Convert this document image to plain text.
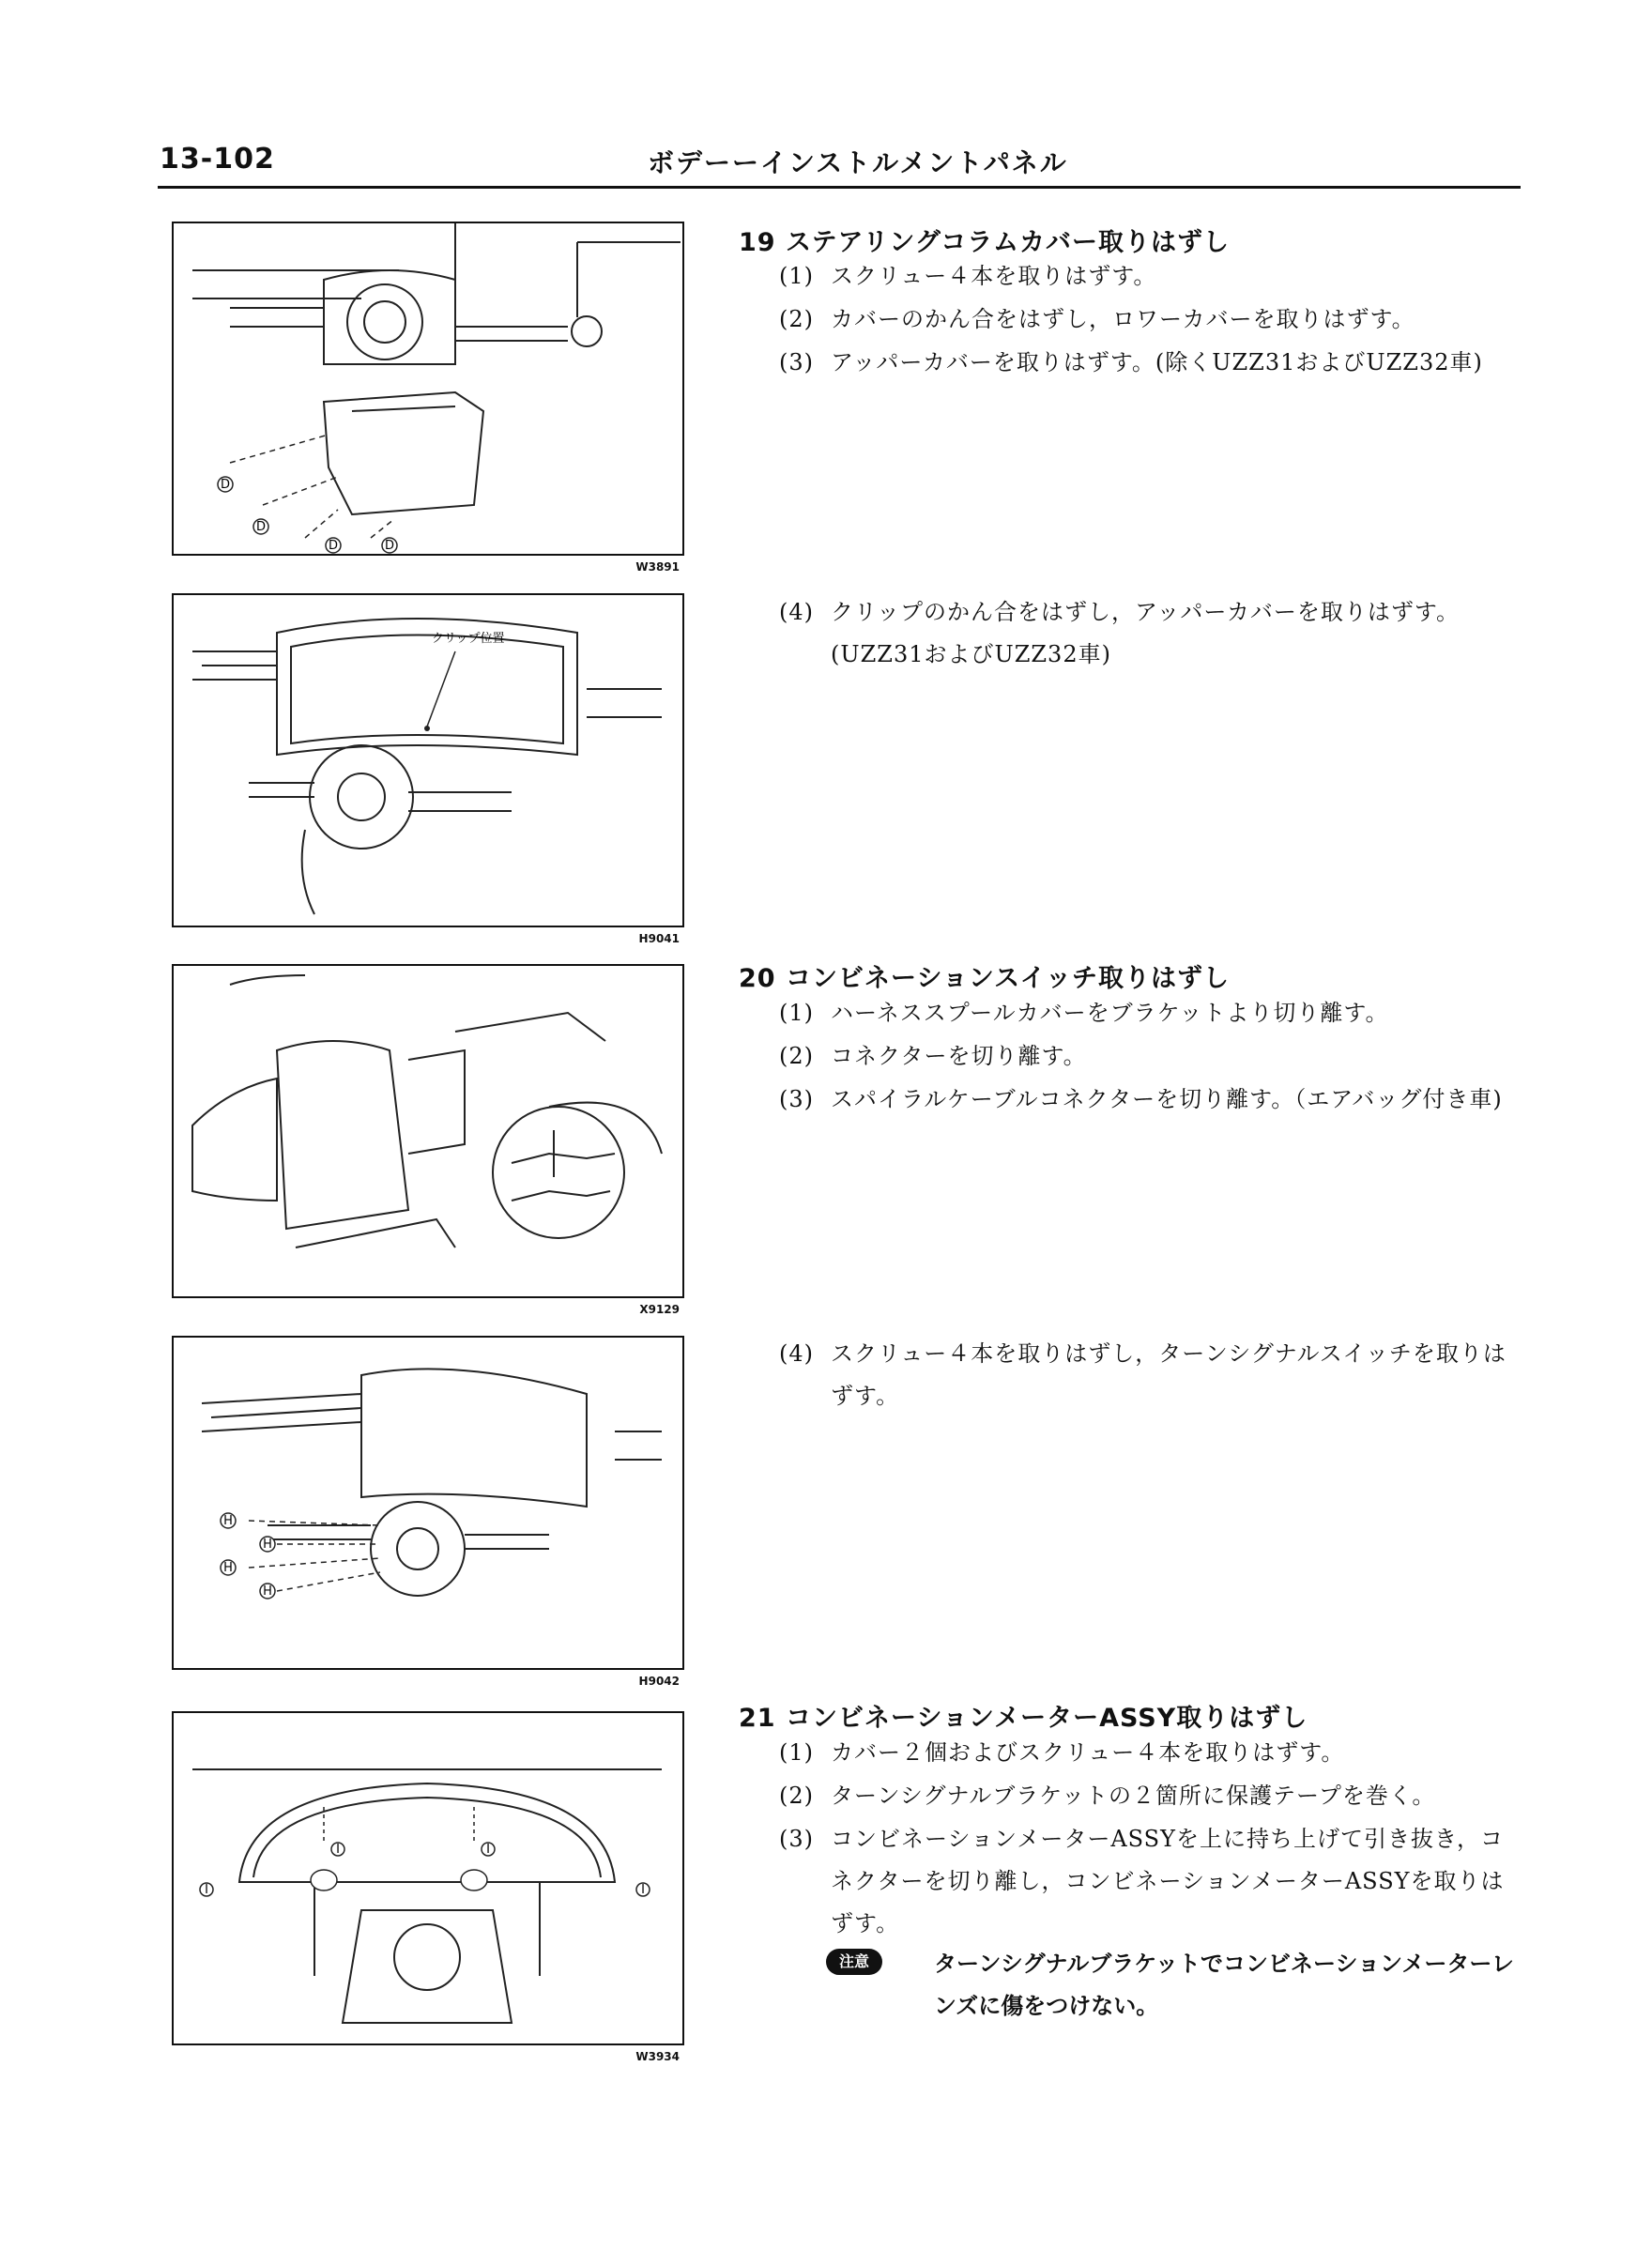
13-102	ボデーーインストルメントパネル
D
D
D	D
W3891
クリップ位置
H9041
X9129
H
H
H
H
H9042
I	I
I	I
W3934
19 ステアリングコラムカバー取りはずし
(1) スクリュー４本を取りはずす。
(2) カバーのかん合をはずし，ロワーカバーを取りはずす。
(3) アッパーカバーを取りはずす。(除くUZZ31およびUZZ32車)
(4) クリップのかん合をはずし，アッパーカバーを取りはずす。(UZZ31およびUZZ32車)
20 コンビネーションスイッチ取りはずし
(1) ハーネススプールカバーをブラケットより切り離す。
(2) コネクターを切り離す。
(3) スパイラルケーブルコネクターを切り離す。（エアバッグ付き車)
(4) スクリュー４本を取りはずし，ターンシグナルスイッチを取りはずす。
21 コンビネーションメーターASSY取りはずし
(1) カバー２個およびスクリュー４本を取りはずす。
(2) ターンシグナルブラケットの２箇所に保護テープを巻く。
(3) コンビネーションメーターASSYを上に持ち上げて引き抜き，コネクターを切り離し，コンビネーションメーターASSYを取りはずす。
注意	ターンシグナルブラケットでコンビネーションメーターレンズに傷をつけない。
